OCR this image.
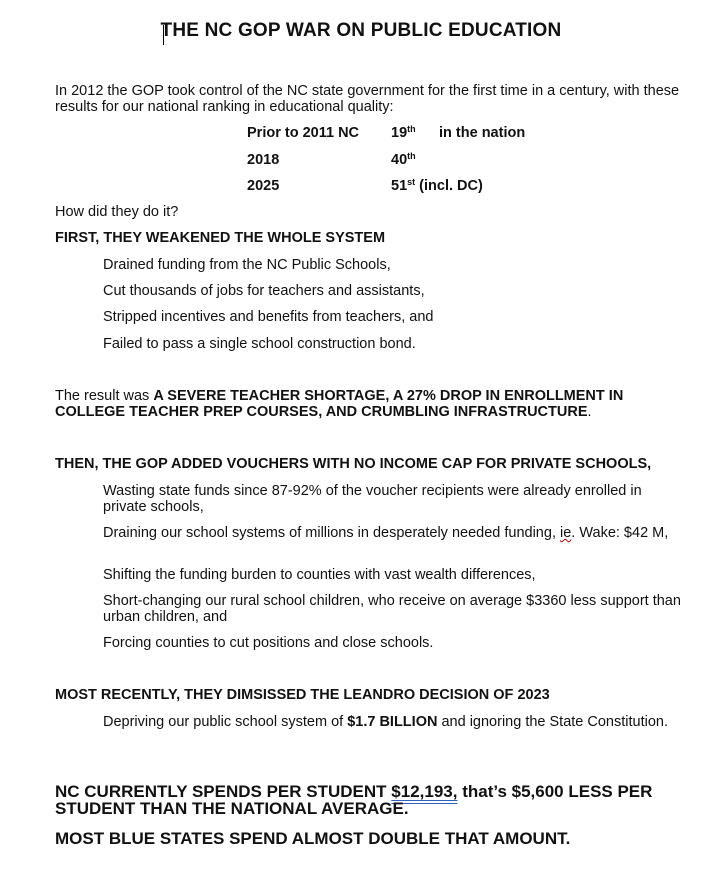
THE NC GOP WAR ON PUBLIC EDUCATION
In 2012 the GOP took control of the NC state government for the first time in a century, with these results for our national ranking in educational quality:
Prior to 2011 NC 19th in the nation
2018	40th
2025	51st (incl. DC)
How did they do it?
FIRST, THEY WEAKENED THE WHOLE SYSTEM
Drained funding from the NC Public Schools,
Cut thousands of jobs for teachers and assistants,
Stripped incentives and benefits from teachers, and
Failed to pass a single school construction bond.
The result was A SEVERE TEACHER SHORTAGE, A 27% DROP IN ENROLLMENT IN COLLEGE TEACHER PREP COURSES, AND CRUMBLING INFRASTRUCTURE.
THEN, THE GOP ADDED VOUCHERS WITH NO INCOME CAP FOR PRIVATE SCHOOLS,
Wasting state funds since 87-92% of the voucher recipients were already enrolled in private schools,
Draining our school systems of millions in desperately needed funding, ie. Wake: $42 M,
Shifting the funding burden to counties with vast wealth differences,
Short-changing our rural school children, who receive on average $3360 less support than urban children, and
Forcing counties to cut positions and close schools.
MOST RECENTLY, THEY DIMSISSED THE LEANDRO DECISION OF 2023
Depriving our public school system of $1.7 BILLION and ignoring the State Constitution.
NC CURRENTLY SPENDS PER STUDENT $12,193, that’s $5,600 LESS PER STUDENT THAN THE NATIONAL AVERAGE.
MOST BLUE STATES SPEND ALMOST DOUBLE THAT AMOUNT.
